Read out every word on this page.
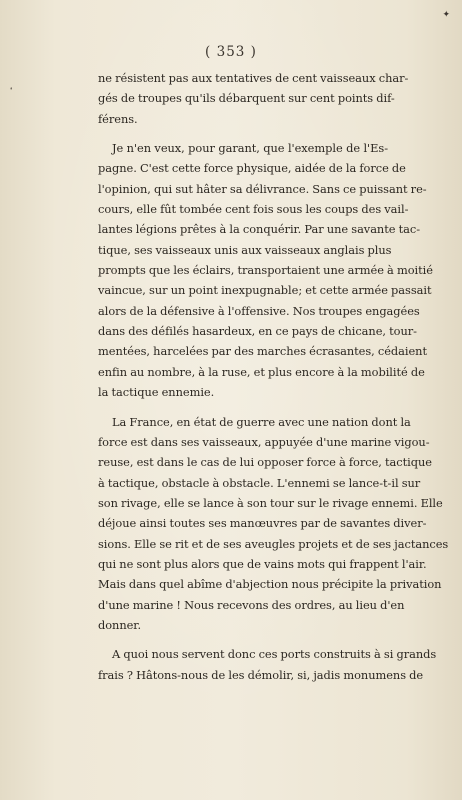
✦
❛
( 353 )
ne résistent pas aux tentatives de cent vaisseaux char-
gés de troupes qu'ils débarquent sur cent points dif-
férens.
Je n'en veux, pour garant, que l'exemple de l'Es-
pagne. C'est cette force physique, aidée de la force de
l'opinion, qui sut hâter sa délivrance. Sans ce puissant re-
cours, elle fût tombée cent fois sous les coups des vail-
lantes légions prêtes à la conquérir. Par une savante tac-
tique, ses vaisseaux unis aux vaisseaux anglais plus
prompts que les éclairs, transportaient une armée à moitié
vaincue, sur un point inexpugnable; et cette armée passait
alors de la défensive à l'offensive. Nos troupes engagées
dans des défilés hasardeux, en ce pays de chicane, tour-
mentées, harcelées par des marches écrasantes, cédaient
enfin au nombre, à la ruse, et plus encore à la mobilité de
la tactique ennemie.
La France, en état de guerre avec une nation dont la
force est dans ses vaisseaux, appuyée d'une marine vigou-
reuse, est dans le cas de lui opposer force à force, tactique
à tactique, obstacle à obstacle. L'ennemi se lance-t-il sur
son rivage, elle se lance à son tour sur le rivage ennemi. Elle
déjoue ainsi toutes ses manœuvres par de savantes diver-
sions. Elle se rit et de ses aveugles projets et de ses jactances
qui ne sont plus alors que de vains mots qui frappent l'air.
Mais dans quel abîme d'abjection nous précipite la privation
d'une marine ! Nous recevons des ordres, au lieu d'en
donner.
A quoi nous servent donc ces ports construits à si grands
frais ? Hâtons-nous de les démolir, si, jadis monumens de
